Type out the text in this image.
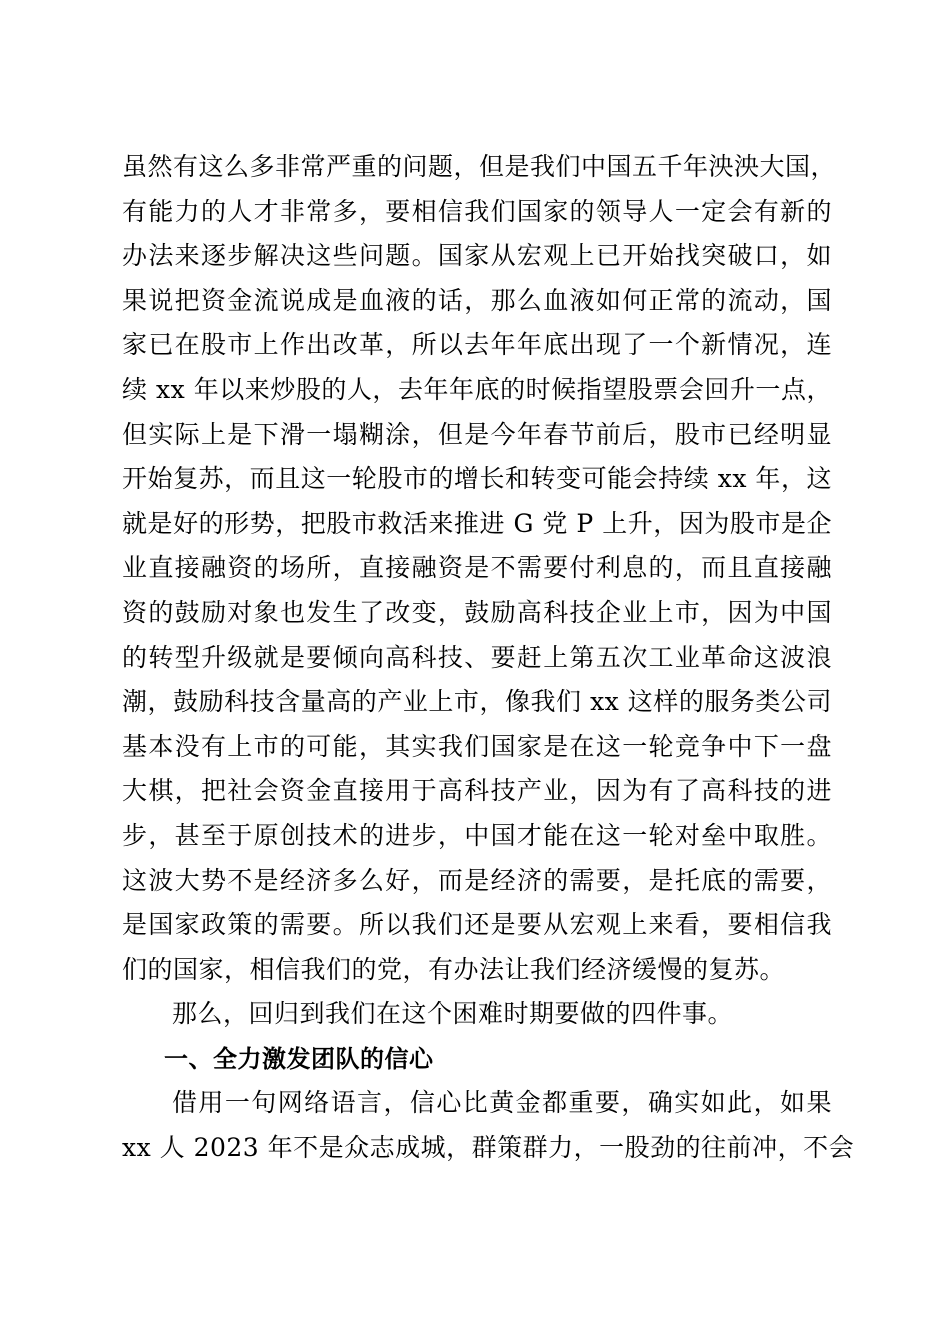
虽然有这么多非常严重的问题，但是我们中国五千年泱泱大国，
有能力的人才非常多，要相信我们国家的领导人一定会有新的
办法来逐步解决这些问题。国家从宏观上已开始找突破口，如
果说把资金流说成是血液的话，那么血液如何正常的流动，国
家已在股市上作出改革，所以去年年底出现了一个新情况，连
续 xx 年以来炒股的人，去年年底的时候指望股票会回升一点，
但实际上是下滑一塌糊涂，但是今年春节前后，股市已经明显
开始复苏，而且这一轮股市的增长和转变可能会持续 xx 年，这
就是好的形势，把股市救活来推进 G 党 P 上升，因为股市是企
业直接融资的场所，直接融资是不需要付利息的，而且直接融
资的鼓励对象也发生了改变，鼓励高科技企业上市，因为中国
的转型升级就是要倾向高科技、要赶上第五次工业革命这波浪
潮，鼓励科技含量高的产业上市，像我们 xx 这样的服务类公司
基本没有上市的可能，其实我们国家是在这一轮竞争中下一盘
大棋，把社会资金直接用于高科技产业，因为有了高科技的进
步，甚至于原创技术的进步，中国才能在这一轮对垒中取胜。
这波大势不是经济多么好，而是经济的需要，是托底的需要，
是国家政策的需要。所以我们还是要从宏观上来看，要相信我
们的国家，相信我们的党，有办法让我们经济缓慢的复苏。
那么，回归到我们在这个困难时期要做的四件事。
一、全力激发团队的信心
借用一句网络语言，信心比黄金都重要，确实如此，如果
xx 人 2023 年不是众志成城，群策群力，一股劲的往前冲，不会
